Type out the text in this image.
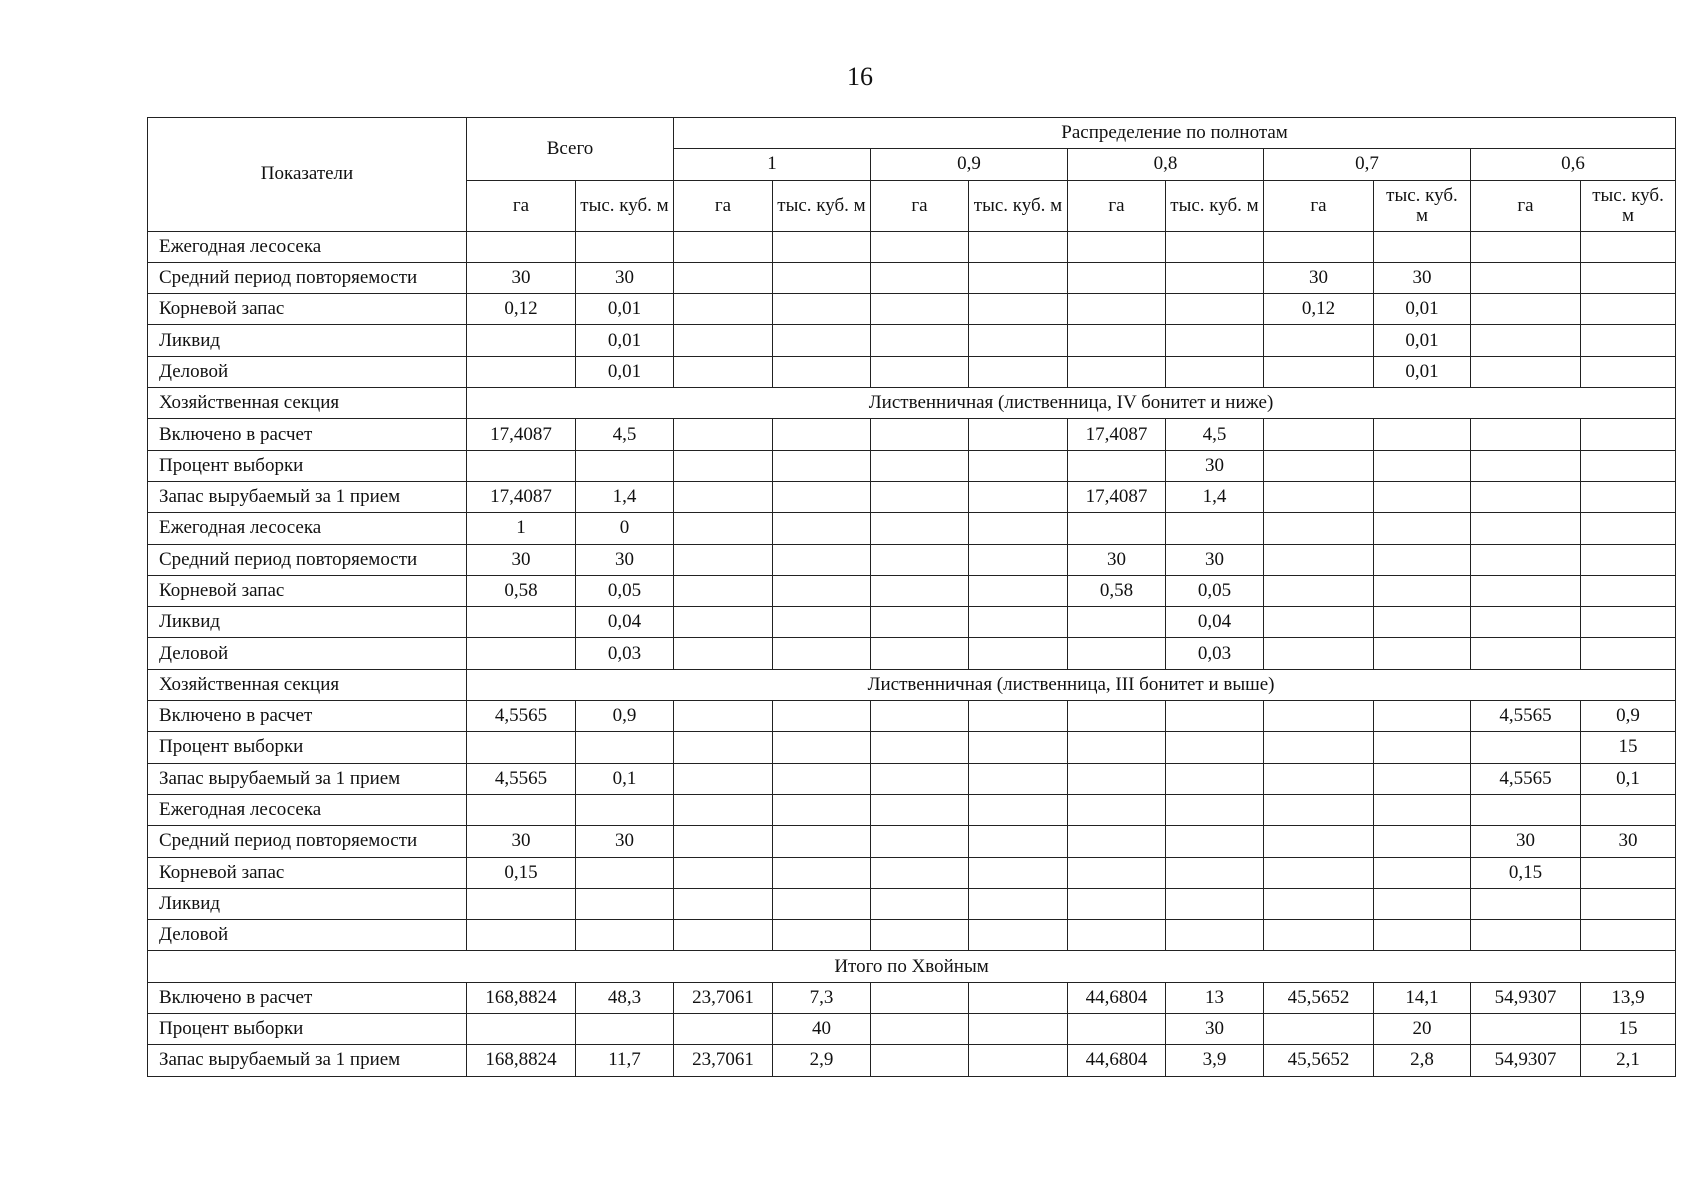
16
Показатели	Всего		Распределение по полнотам									
			1		0,9		0,8		0,7		0,6	
	га	тыс. куб. м	га	тыс. куб. м	га	тыс. куб. м	га	тыс. куб. м	га	тыс. куб. м	га	тыс. куб. м
Ежегодная лесосека												
Средний период повторяемости	30	30							30	30		
Корневой запас	0,12	0,01							0,12	0,01		
Ликвид		0,01								0,01		
Деловой		0,01								0,01		
Хозяйственная секция	Лиственничная (лиственница, IV бонитет и ниже)											
Включено в расчет	17,4087	4,5					17,4087	4,5				
Процент выборки								30				
Запас вырубаемый за 1 прием	17,4087	1,4					17,4087	1,4				
Ежегодная лесосека	1	0										
Средний период повторяемости	30	30					30	30				
Корневой запас	0,58	0,05					0,58	0,05				
Ликвид		0,04						0,04				
Деловой		0,03						0,03				
Хозяйственная секция	Лиственничная (лиственница, III бонитет и выше)											
Включено в расчет	4,5565	0,9									4,5565	0,9
Процент выборки												15
Запас вырубаемый за 1 прием	4,5565	0,1									4,5565	0,1
Ежегодная лесосека												
Средний период повторяемости	30	30									30	30
Корневой запас	0,15										0,15	
Ликвид												
Деловой												
Итого по Хвойным												
Включено в расчет	168,8824	48,3	23,7061	7,3			44,6804	13	45,5652	14,1	54,9307	13,9
Процент выборки				40				30		20		15
Запас вырубаемый за 1 прием	168,8824	11,7	23,7061	2,9			44,6804	3,9	45,5652	2,8	54,9307	2,1
